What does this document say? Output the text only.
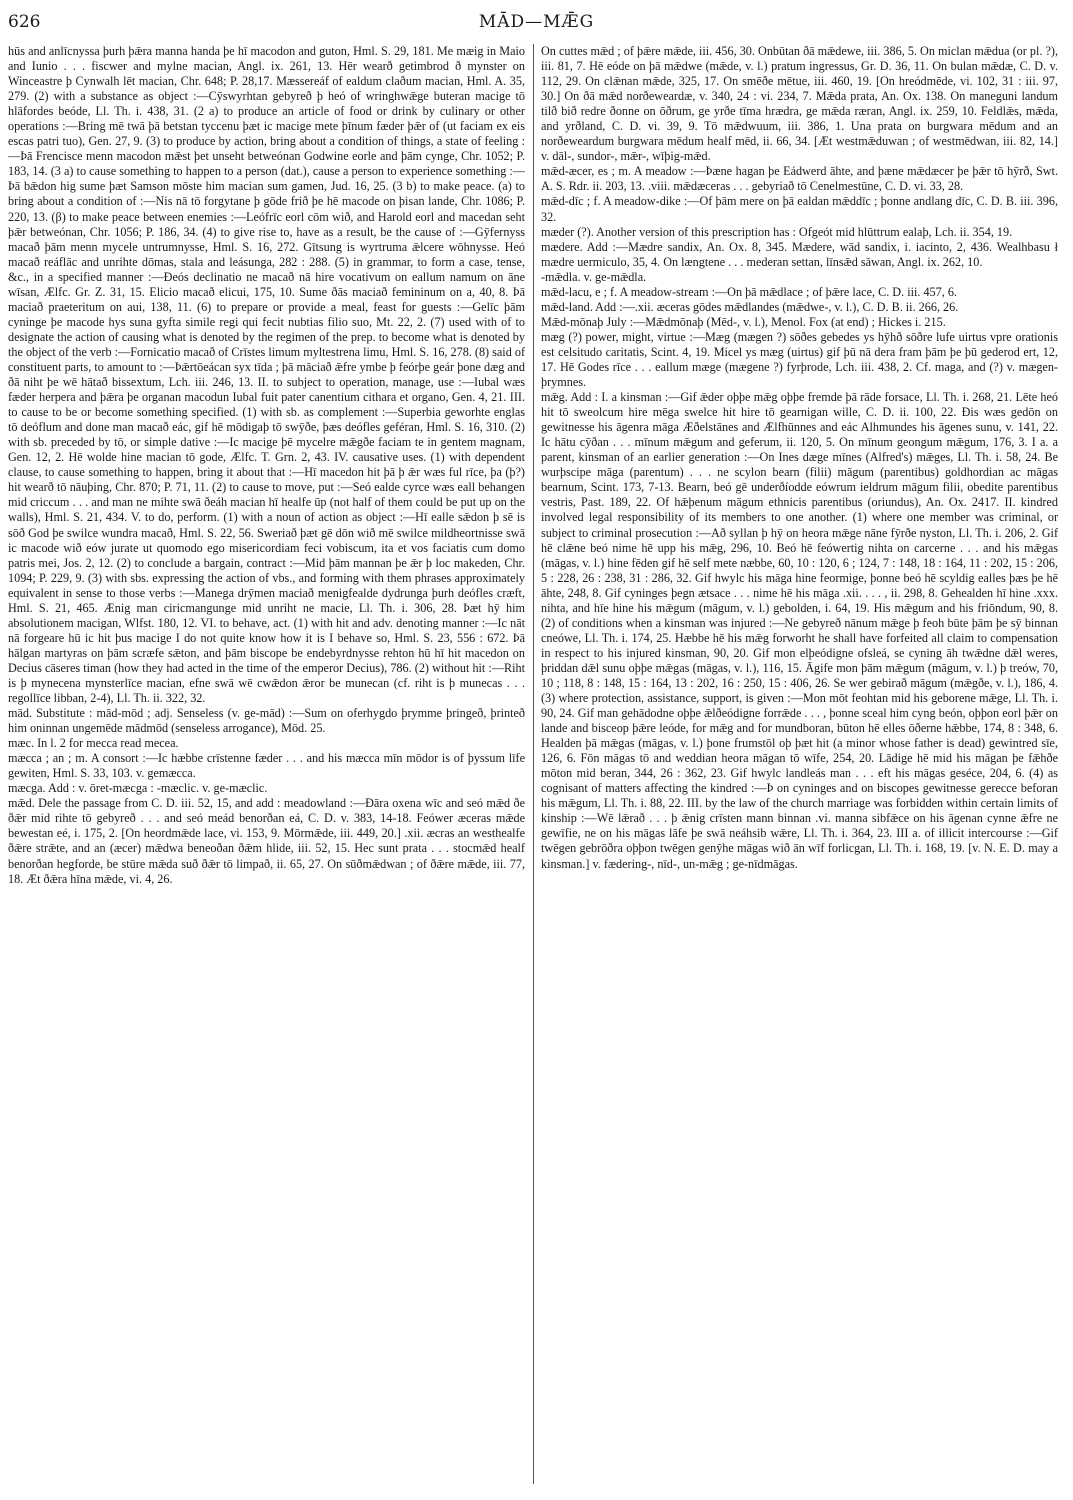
626	MĀD—MǢG

hūs and anlīcnyssa þurh þǣra manna handa þe hī macodon and guton, Hml. S. 29, 181. Me mæig in Maio and Iunio . . . fiscwer and mylne macian, Angl. ix. 261, 13. Hēr wearð getimbrod ð mynster on Winceastre þ Cynwalh lēt macian, Chr. 648; P. 28,17. Mæssereáf of ealdum claðum macian, Hml. A. 35, 279. (2) with a substance as object :—Cȳswyrhtan gebyreð þ heó of wringhwǣge buteran macige tō hlāfordes beóde, Ll. Th. i. 438, 31. (2 a) to produce an article of food or drink by culinary or other operations :—Bring mē twā þā betstan tyccenu þæt ic macige mete þīnum fæder þǣr of (ut faciam ex eis escas patri tuo), Gen. 27, 9. (3) to produce by action, bring about a condition of things, a state of feeling :—Þā Frencisce menn macodon mǣst þet unseht betweónan Godwine eorle and þām cynge, Chr. 1052; P. 183, 14. (3 a) to cause something to happen to a person (dat.), cause a person to experience something :—Þā bǣdon hig sume þæt Samson mōste him macian sum gamen, Jud. 16, 25. (3 b) to make peace. (a) to bring about a condition of :—Nis nā tō forgytane þ gōde frið þe hē macode on þisan lande, Chr. 1086; P. 220, 13. (β) to make peace between enemies :—Leófrīc eorl cōm wið, and Harold eorl and macedan seht þǣr betweónan, Chr. 1056; P. 186, 34. (4) to give rise to, have as a result, be the cause of :—Gȳfernyss macað þām menn mycele untrumnysse, Hml. S. 16, 272. Gītsung is wyrtruma ǣlcere wōhnysse. Heó macað reáflāc and unrihte dōmas, stala and leásunga, 282 : 288. (5) in grammar, to form a case, tense, &c., in a specified manner :—Ðeós declinatio ne macað nā hire vocativum on eallum namum on āne wīsan, Ælfc. Gr. Z. 31, 15. Elicio macað elicui, 175, 10. Sume ðās maciað femininum on a, 40, 8. Þā maciað praeteritum on aui, 138, 11. (6) to prepare or provide a meal, feast for guests :—Gelīc þām cyninge þe macode hys suna gyfta simile regi qui fecit nubtias filio suo, Mt. 22, 2. (7) used with of to designate the action of causing what is denoted by the regimen of the prep. to become what is denoted by the object of the verb :—Fornicatio macað of Crīstes limum myltestrena limu, Hml. S. 16, 278. (8) said of constituent parts, to amount to :—Þǣrtōeácan syx tīda ; þā māciað ǣfre ymbe þ feórþe geár þone dæg and ðā niht þe wē hātað bissextum, Lch. iii. 246, 13. II. to subject to operation, manage, use :—Iubal wæs fæder herpera and þǣra þe organan macodun Iubal fuit pater canentium cithara et organo, Gen. 4, 21. III. to cause to be or become something specified. (1) with sb. as complement :—Superbia geworhte englas tō deóflum and done man macað eác, gif hē mōdigaþ tō swȳðe, þæs deófles geféran, Hml. S. 16, 310. (2) with sb. preceded by tō, or simple dative :—Ic macige þē mycelre mǣgðe faciam te in gentem magnam, Gen. 12, 2. Hē wolde hine macian tō gode, Ælfc. T. Grn. 2, 43. IV. causative uses. (1) with dependent clause, to cause something to happen, bring it about that :—Hī macedon hit þā þ ǣr wæs ful rīce, þa (þ?) hit wearð tō nāuþing, Chr. 870; P. 71, 11. (2) to cause to move, put :—Seó ealde cyrce wæs eall behangen mid criccum . . . and man ne mihte swā ðeáh macian hī healfe ūp (not half of them could be put up on the walls), Hml. S. 21, 434. V. to do, perform. (1) with a noun of action as object :—Hī ealle sǣdon þ sē is sōð God þe swilce wundra macað, Hml. S. 22, 56. Sweriað þæt gē dōn wið mē swilce mildheortnisse swā ic macode wið eów jurate ut quomodo ego misericordiam feci vobiscum, ita et vos faciatis cum domo patris mei, Jos. 2, 12. (2) to conclude a bargain, contract :—Mid þām mannan þe ǣr þ loc makeden, Chr. 1094; P. 229, 9. (3) with sbs. expressing the action of vbs., and forming with them phrases approximately equivalent in sense to those verbs :—Manega drȳmen maciað menigfealde dydrunga þurh deófles cræft, Hml. S. 21, 465. Ænig man ciricmangunge mid unriht ne macie, Ll. Th. i. 306, 28. Þæt hȳ him absolutionem macigan, Wlfst. 180, 12. VI. to behave, act. (1) with hit and adv. denoting manner :—Ic nāt nā forgeare hū ic hit þus macige I do not quite know how it is I behave so, Hml. S. 23, 556 : 672. Þā hālgan martyras on þām scræfe sǣton, and þām biscope be endebyrdnysse rehton hū hī hit macedon on Decius cāseres timan (how they had acted in the time of the emperor Decius), 786. (2) without hit :—Riht is þ mynecena mynsterlīce macian, efne swā wē cwǣdon ǣror be munecan (cf. riht is þ munecas . . . regollīce libban, 2-4), Ll. Th. ii. 322, 32.

mād. Substitute : mād-mōd ; adj. Senseless (v. ge-mād) :—Sum on oferhygdo þrymme þringeð, þrinteð him oninnan ungemēde mādmōd (senseless arrogance), Mōd. 25.

mæc. In l. 2 for mecca read mecea.

mæcca ; an ; m. A consort :—Ic hæbbe crīstenne fæder . . . and his mæcca mīn mōdor is of þyssum līfe gewiten, Hml. S. 33, 103. v. gemæcca.

mæcga. Add : v. ōret-mæcga : -mæclic. v. ge-mæclic.

mǣd. Dele the passage from C. D. iii. 52, 15, and add : meadowland :—Ðāra oxena wīc and seó mǣd ðe ðǣr mid rihte tō gebyreð . . . and seó meád benorðan eá, C. D. v. 383, 14-18. Feówer æceras mǣde bewestan eé, i. 175, 2. [On heordmǣde lace, vi. 153, 9. Mōrmǣde, iii. 449, 20.] .xii. æcras an westhealfe ðǣre strǣte, and an (æcer) mǣdwa beneoðan ðǣm hlide, iii. 52, 15. Hec sunt prata . . . stocmǣd healf benorðan hegforde, be stūre mǣda suð ðǣr tō limpað, ii. 65, 27. On sūðmǣdwan ; of ðǣre mǣde, iii. 77, 18. Æt ðǣra hīna mǣde, vi. 4, 26.

On cuttes mǣd ; of þǣre mǣde, iii. 456, 30. Onbūtan ðā mǣdewe, iii. 386, 5. On miclan mǣdua (or pl. ?), iii. 81, 7. Hē eóde on þā mǣdwe (mǣde, v. l.) pratum ingressus, Gr. D. 36, 11. On bulan mǣdæ, C. D. v. 112, 29. On clǣnan mǣde, 325, 17. On smēðe mētue, iii. 460, 19. [On hreódmēde, vi. 102, 31 : iii. 97, 30.] On ðā mǣd norðeweardæ, v. 340, 24 : vi. 234, 7. Mǣda prata, An. Ox. 138. On maneguni landum tilð bið redre ðonne on ōðrum, ge yrðe tīma hrædra, ge mǣda ræran, Angl. ix. 259, 10. Feldlǣs, mǣda, and yrðland, C. D. vi. 39, 9. Tō mǣdwuum, iii. 386, 1. Una prata on burgwara mēdum and an norðeweardum burgwara mēdum healf mēd, ii. 66, 34. [Æt westmǣduwan ; of westmēdwan, iii. 82, 14.] v. dāl-, sundor-, mǣr-, wīþig-mǣd.

mǣd-æcer, es ; m. A meadow :—Þæne hagan þe Eádwerd āhte, and þæne mǣdæcer þe þǣr tō hȳrð, Swt. A. S. Rdr. ii. 203, 13. .viii. mǣdæceras . . . gebyriað tō Cenelmestūne, C. D. vi. 33, 28.

mǣd-dīc ; f. A meadow-dike :—Of þām mere on þā ealdan mǣddīc ; þonne andlang dīc, C. D. B. iii. 396, 32.

mæder (?). Another version of this prescription has : Ofgeót mid hlūttrum ealaþ, Lch. ii. 354, 19.

mædere. Add :—Mædre sandix, An. Ox. 8, 345. Mædere, wād sandix, i. iacinto, 2, 436. Wealhbasu ł mædre uermiculo, 35, 4. On længtene . . . mederan settan, līnsǣd sāwan, Angl. ix. 262, 10.

-mǣdla. v. ge-mǣdla.

mǣd-lacu, e ; f. A meadow-stream :—On þā mǣdlace ; of þǣre lace, C. D. iii. 457, 6.

mǣd-land. Add :—.xii. æceras gōdes mǣdlandes (mǣdwe-, v. l.), C. D. B. ii. 266, 26.

Mǣd-mōnaþ July :—Mǣdmōnaþ (Mēd-, v. l.), Menol. Fox (at end) ; Hickes i. 215.

mæg (?) power, might, virtue :—Mæg (mægen ?) sōðes gebedes ys hȳhð sōðre lufe uirtus vpre orationis est celsitudo caritatis, Scint. 4, 19. Micel ys mæg (uirtus) gif þū nā dera fram þām þe þū gederod ert, 12, 17. Hē Godes rīce . . . eallum mæge (mægene ?) fyrþrode, Lch. iii. 438, 2. Cf. maga, and (?) v. mægen-þrymnes.

mǣg. Add : I. a kinsman :—Gif ǣder oþþe mǣg oþþe fremde þā rāde forsace, Ll. Th. i. 268, 21. Lēte heó hit tō sweolcum hire mēga swelce hit hire tō gearnigan wille, C. D. ii. 100, 22. Ðis wæs gedōn on gewitnesse his āgenra māga Æðelstānes and Ælfhūnnes and eác Alhmundes his āgenes sunu, v. 141, 22. Ic hātu cȳðan . . . mīnum mǣgum and geferum, ii. 120, 5. On mīnum geongum mǣgum, 176, 3. I a. a parent, kinsman of an earlier generation :—On Ines dæge mīnes (Alfred's) mǣges, Ll. Th. i. 58, 24. Be wurþscipe māga (parentum) . . . ne scylon bearn (filii) māgum (parentibus) goldhordian ac māgas bearnum, Scint. 173, 7-13. Bearn, beó gē underðíodde eówrum ieldrum māgum filii, obedite parentibus vestris, Past. 189, 22. Of hǣþenum māgum ethnicis parentibus (oriundus), An. Ox. 2417. II. kindred involved legal responsibility of its members to one another. (1) where one member was criminal, or subject to criminal prosecution :—Að syllan þ hȳ on heora mǣge nāne fȳrðe nyston, Ll. Th. i. 206, 2. Gif hē clǣne beó nime hē upp his mǣg, 296, 10. Beó hē feówertig nihta on carcerne . . . and his mǣgas (māgas, v. l.) hine fēden gif hē self mete næbbe, 60, 10 : 120, 6 ; 124, 7 : 148, 18 : 164, 11 : 202, 15 : 206, 5 : 228, 26 : 238, 31 : 286, 32. Gif hwylc his māga hine feormige, þonne beó hē scyldig ealles þæs þe hē āhte, 248, 8. Gif cyninges þegn ætsace . . . nime hē his māga .xii. . . . , ii. 298, 8. Gehealden hī hine .xxx. nihta, and hīe hine his mǣgum (māgum, v. l.) gebolden, i. 64, 19. His mǣgum and his friōndum, 90, 8. (2) of conditions when a kinsman was injured :—Ne gebyreð nānum mǣge þ feoh būte þām þe sȳ binnan cneówe, Ll. Th. i. 174, 25. Hæbbe hē his mǣg forworht he shall have forfeited all claim to compensation in respect to his injured kinsman, 90, 20. Gif mon elþeódigne ofsleá, se cyning āh twǣdne dǣl weres, þriddan dǣl sunu oþþe mǣgas (māgas, v. l.), 116, 15. Āgife mon þām mǣgum (māgum, v. l.) þ treów, 70, 10 ; 118, 8 : 148, 15 : 164, 13 : 202, 16 : 250, 15 : 406, 26. Se wer gebirað māgum (mǣgðe, v. l.), 186, 4. (3) where protection, assistance, support, is given :—Mon mōt feohtan mid his geborene mǣge, Ll. Th. i. 90, 24. Gif man gehādodne oþþe ǣlðeódigne forrǣde . . . , þonne sceal him cyng beón, oþþon eorl þǣr on lande and bisceop þǣre leóde, for mǣg and for mundboran, būton hē elles ōðerne hǣbbe, 174, 8 : 348, 6. Healden þā mǣgas (māgas, v. l.) þone frumstōl oþ þæt hit (a minor whose father is dead) gewintred sīe, 126, 6. Fōn māgas tō and weddian heora māgan tō wīfe, 254, 20. Lādige hē mid his māgan þe fǣhðe mōton mid beran, 344, 26 : 362, 23. Gif hwylc landleás man . . . eft his māgas geséce, 204, 6. (4) as cognisant of matters affecting the kindred :—Þ on cyninges and on biscopes gewitnesse gerecce beforan his mǣgum, Ll. Th. i. 88, 22. III. by the law of the church marriage was forbidden within certain limits of kinship :—Wē lǣrað . . . þ ǣnig crīsten mann binnan .vi. manna sibfǣce on his āgenan cynne ǣfre ne gewīfie, ne on his māgas lāfe þe swā neáhsib wǣre, Ll. Th. i. 364, 23. III a. of illicit intercourse :—Gif twēgen gebrōðra oþþon twēgen genȳhe māgas wið ān wīf forlicgan, Ll. Th. i. 168, 19. [v. N. E. D. may a kinsman.] v. fædering-, nīd-, un-mǣg ; ge-nīdmāgas.
